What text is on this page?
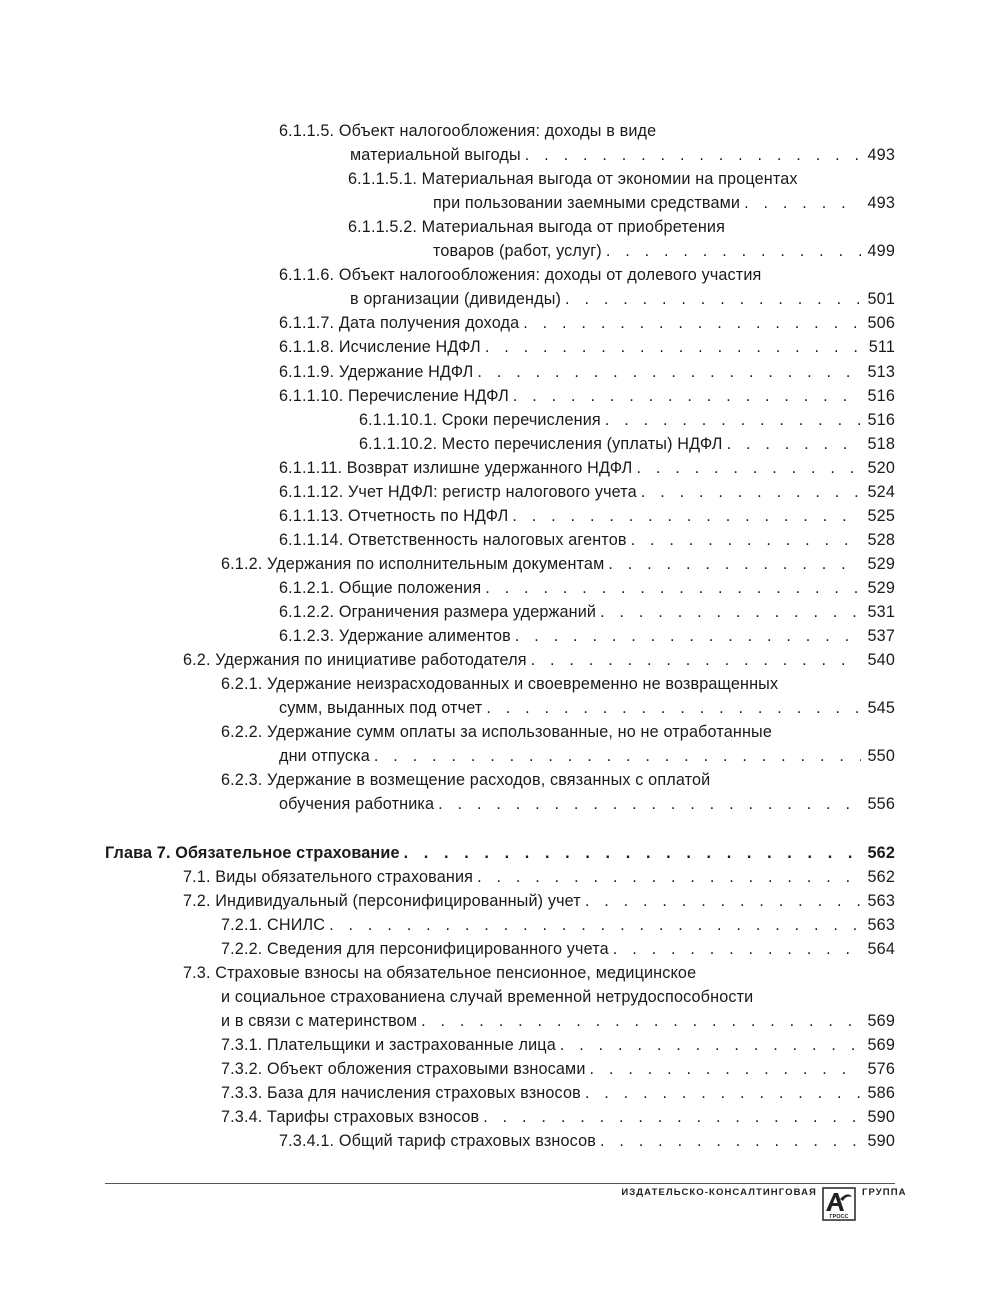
6.1.1.5. Объект налогообложения: доходы в виде
материальной выгоды . . .	493
6.1.1.5.1. Материальная выгода от экономии на процентах
при пользовании заемными средствами . . .	493
6.1.1.5.2. Материальная выгода от приобретения
товаров (работ, услуг) . . .	499
6.1.1.6. Объект налогообложения: доходы от долевого участия
в организации (дивиденды) . . .	501
6.1.1.7. Дата получения дохода . . .	506
6.1.1.8. Исчисление НДФЛ . . .	511
6.1.1.9. Удержание НДФЛ . . .	513
6.1.1.10. Перечисление НДФЛ . . .	516
6.1.1.10.1. Сроки перечисления . . .	516
6.1.1.10.2. Место перечисления (уплаты) НДФЛ . . .	518
6.1.1.11. Возврат излишне удержанного НДФЛ . . .	520
6.1.1.12. Учет НДФЛ: регистр налогового учета . . .	524
6.1.1.13. Отчетность по НДФЛ . . .	525
6.1.1.14. Ответственность налоговых агентов . . .	528
6.1.2. Удержания по исполнительным документам . . .	529
6.1.2.1. Общие положения . . .	529
6.1.2.2. Ограничения размера удержаний . . .	531
6.1.2.3. Удержание алиментов . . .	537
6.2. Удержания по инициативе работодателя . . .	540
6.2.1. Удержание неизрасходованных и своевременно не возвращенных
сумм, выданных под отчет . . .	545
6.2.2. Удержание сумм оплаты за использованные, но не отработанные
дни отпуска . . .	550
6.2.3. Удержание в возмещение расходов, связанных с оплатой
обучения работника . . .	556
Глава 7. Обязательное страхование . . .	562
7.1. Виды обязательного страхования . . .	562
7.2. Индивидуальный (персонифицированный) учет . . .	563
7.2.1. СНИЛС . . .	563
7.2.2. Сведения для персонифицированного учета . . .	564
7.3. Страховые взносы на обязательное пенсионное, медицинское
и социальное страхованиена случай временной нетрудоспособности
и в связи с материнством . . .	569
7.3.1. Плательщики и застрахованные лица . . .	569
7.3.2. Объект обложения страховыми взносами . . .	576
7.3.3. База для начисления страховых взносов . . .	586
7.3.4. Тарифы страховых взносов . . .	590
7.3.4.1. Общий тариф страховых взносов . . .	590
ИЗДАТЕЛЬСКО-КОНСАЛТИНГОВАЯ
ГРОСС
ГРУППА
